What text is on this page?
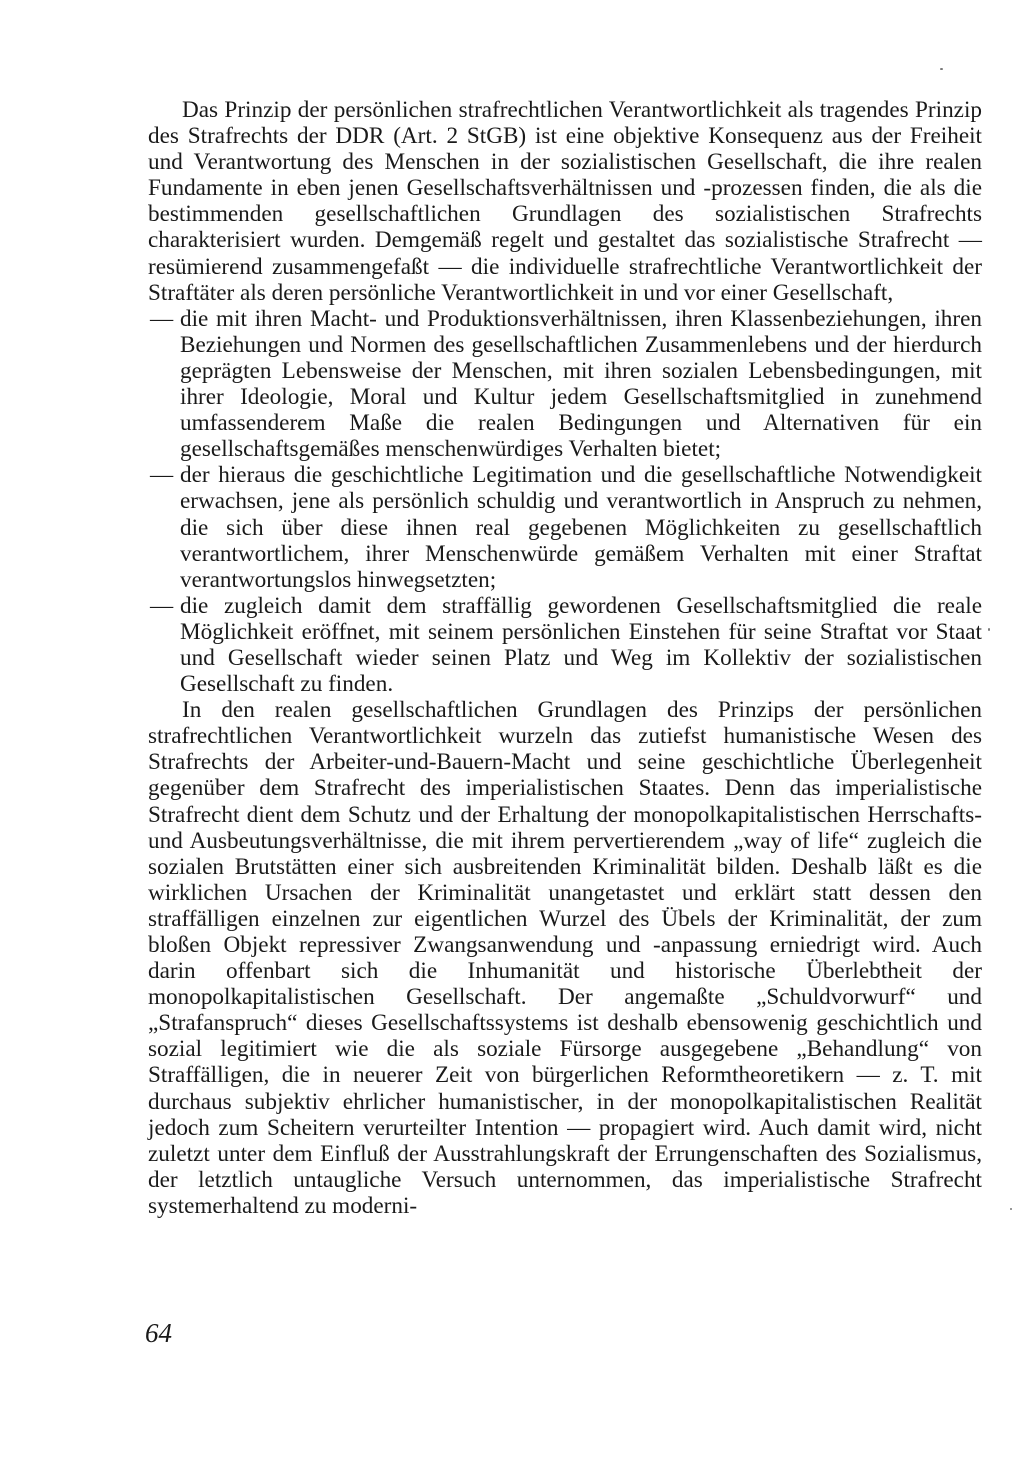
Das Prinzip der persönlichen strafrechtlichen Verantwortlichkeit als tragendes Prinzip des Strafrechts der DDR (Art. 2 StGB) ist eine objektive Konsequenz aus der Freiheit und Verantwortung des Menschen in der sozialistischen Gesellschaft, die ihre realen Fundamente in eben jenen Gesellschaftsverhältnissen und -prozessen finden, die als die bestimmenden gesellschaftlichen Grundlagen des sozialistischen Strafrechts charakterisiert wurden. Demgemäß regelt und gestaltet das sozialistische Strafrecht — resümierend zusammengefaßt — die individuelle strafrechtliche Verantwortlichkeit der Straftäter als deren persönliche Verantwortlichkeit in und vor einer Gesellschaft,

— die mit ihren Macht- und Produktionsverhältnissen, ihren Klassenbeziehungen, ihren Beziehungen und Normen des gesellschaftlichen Zusammenlebens und der hierdurch geprägten Lebensweise der Menschen, mit ihren sozialen Lebensbedingungen, mit ihrer Ideologie, Moral und Kultur jedem Gesellschaftsmitglied in zunehmend umfassenderem Maße die realen Bedingungen und Alternativen für ein gesellschaftsgemäßes menschenwürdiges Verhalten bietet;
— der hieraus die geschichtliche Legitimation und die gesellschaftliche Notwendigkeit erwachsen, jene als persönlich schuldig und verantwortlich in Anspruch zu nehmen, die sich über diese ihnen real gegebenen Möglichkeiten zu gesellschaftlich verantwortlichem, ihrer Menschenwürde gemäßem Verhalten mit einer Straftat verantwortungslos hinwegsetzten;
— die zugleich damit dem straffällig gewordenen Gesellschaftsmitglied die reale Möglichkeit eröffnet, mit seinem persönlichen Einstehen für seine Straftat vor Staat und Gesellschaft wieder seinen Platz und Weg im Kollektiv der sozialistischen Gesellschaft zu finden.

In den realen gesellschaftlichen Grundlagen des Prinzips der persönlichen strafrechtlichen Verantwortlichkeit wurzeln das zutiefst humanistische Wesen des Strafrechts der Arbeiter-und-Bauern-Macht und seine geschichtliche Überlegenheit gegenüber dem Strafrecht des imperialistischen Staates. Denn das imperialistische Strafrecht dient dem Schutz und der Erhaltung der monopolkapitalistischen Herrschafts- und Ausbeutungsverhältnisse, die mit ihrem pervertierendem „way of life“ zugleich die sozialen Brutstätten einer sich ausbreitenden Kriminalität bilden. Deshalb läßt es die wirklichen Ursachen der Kriminalität unangetastet und erklärt statt dessen den straffälligen einzelnen zur eigentlichen Wurzel des Übels der Kriminalität, der zum bloßen Objekt repressiver Zwangsanwendung und -anpassung erniedrigt wird. Auch darin offenbart sich die Inhumanität und historische Überlebtheit der monopolkapitalistischen Gesellschaft. Der angemaßte „Schuldvorwurf“ und „Strafanspruch“ dieses Gesellschaftssystems ist deshalb ebensowenig geschichtlich und sozial legitimiert wie die als soziale Fürsorge ausgegebene „Behandlung“ von Straffälligen, die in neuerer Zeit von bürgerlichen Reformtheoretikern — z. T. mit durchaus subjektiv ehrlicher humanistischer, in der monopolkapitalistischen Realität jedoch zum Scheitern verurteilter Intention — propagiert wird. Auch damit wird, nicht zuletzt unter dem Einfluß der Ausstrahlungskraft der Errungenschaften des Sozialismus, der letztlich untaugliche Versuch unternommen, das imperialistische Strafrecht systemerhaltend zu moderni-

64
